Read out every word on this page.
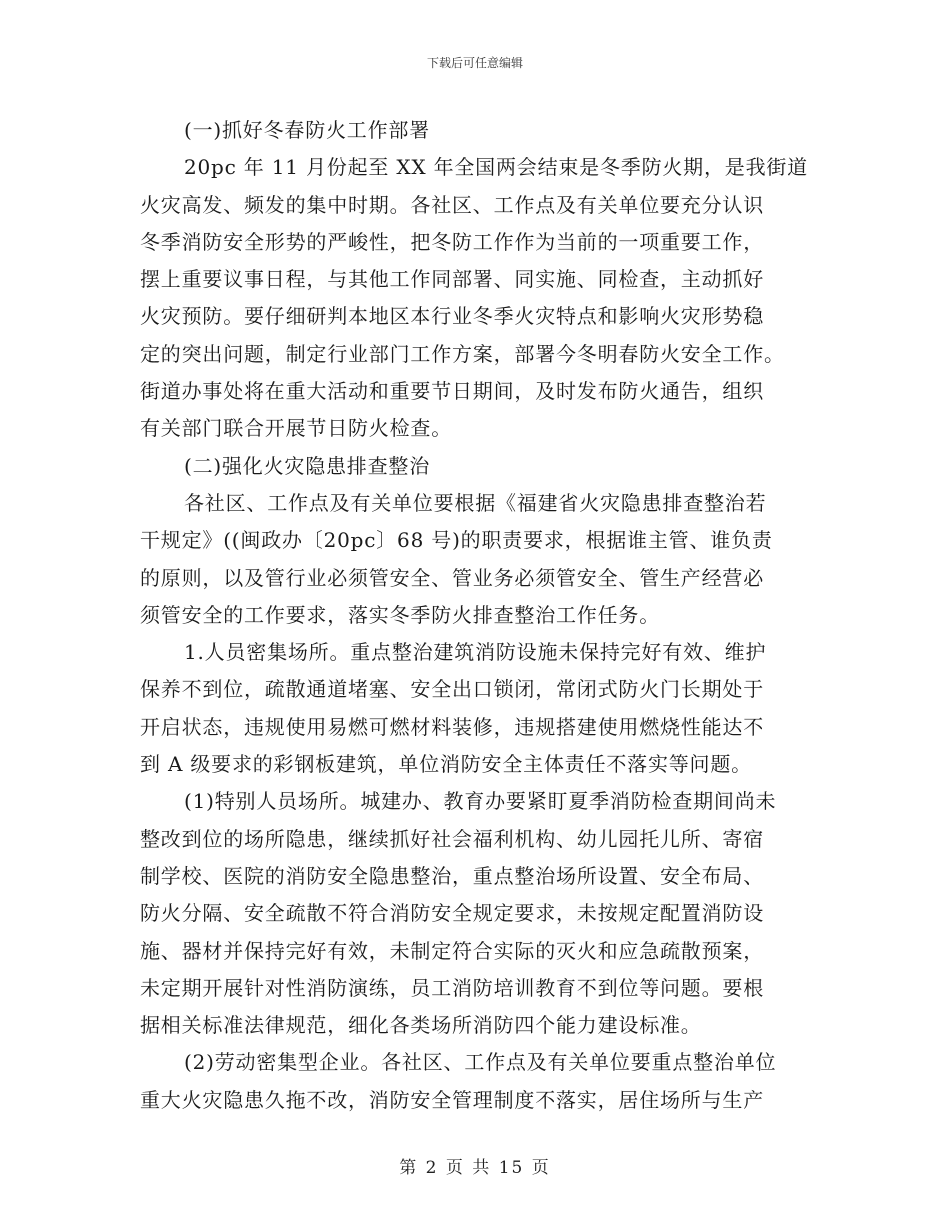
下载后可任意编辑

(一)抓好冬春防火工作部署

20pc 年 11 月份起至 XX 年全国两会结束是冬季防火期，是我街道

火灾高发、频发的集中时期。各社区、工作点及有关单位要充分认识

冬季消防安全形势的严峻性，把冬防工作作为当前的一项重要工作，

摆上重要议事日程，与其他工作同部署、同实施、同检查，主动抓好

火灾预防。要仔细研判本地区本行业冬季火灾特点和影响火灾形势稳

定的突出问题，制定行业部门工作方案，部署今冬明春防火安全工作。

街道办事处将在重大活动和重要节日期间，及时发布防火通告，组织

有关部门联合开展节日防火检查。

(二)强化火灾隐患排查整治

各社区、工作点及有关单位要根据《福建省火灾隐患排查整治若

干规定》((闽政办〔20pc〕68 号)的职责要求，根据谁主管、谁负责

的原则，以及管行业必须管安全、管业务必须管安全、管生产经营必

须管安全的工作要求，落实冬季防火排查整治工作任务。

1.人员密集场所。重点整治建筑消防设施未保持完好有效、维护

保养不到位，疏散通道堵塞、安全出口锁闭，常闭式防火门长期处于

开启状态，违规使用易燃可燃材料装修，违规搭建使用燃烧性能达不

到 A 级要求的彩钢板建筑，单位消防安全主体责任不落实等问题。

(1)特别人员场所。城建办、教育办要紧盯夏季消防检查期间尚未

整改到位的场所隐患，继续抓好社会福利机构、幼儿园托儿所、寄宿

制学校、医院的消防安全隐患整治，重点整治场所设置、安全布局、

防火分隔、安全疏散不符合消防安全规定要求，未按规定配置消防设

施、器材并保持完好有效，未制定符合实际的灭火和应急疏散预案，

未定期开展针对性消防演练，员工消防培训教育不到位等问题。要根

据相关标准法律规范，细化各类场所消防四个能力建设标准。

(2)劳动密集型企业。各社区、工作点及有关单位要重点整治单位

重大火灾隐患久拖不改，消防安全管理制度不落实，居住场所与生产

第 2 页 共 15 页
